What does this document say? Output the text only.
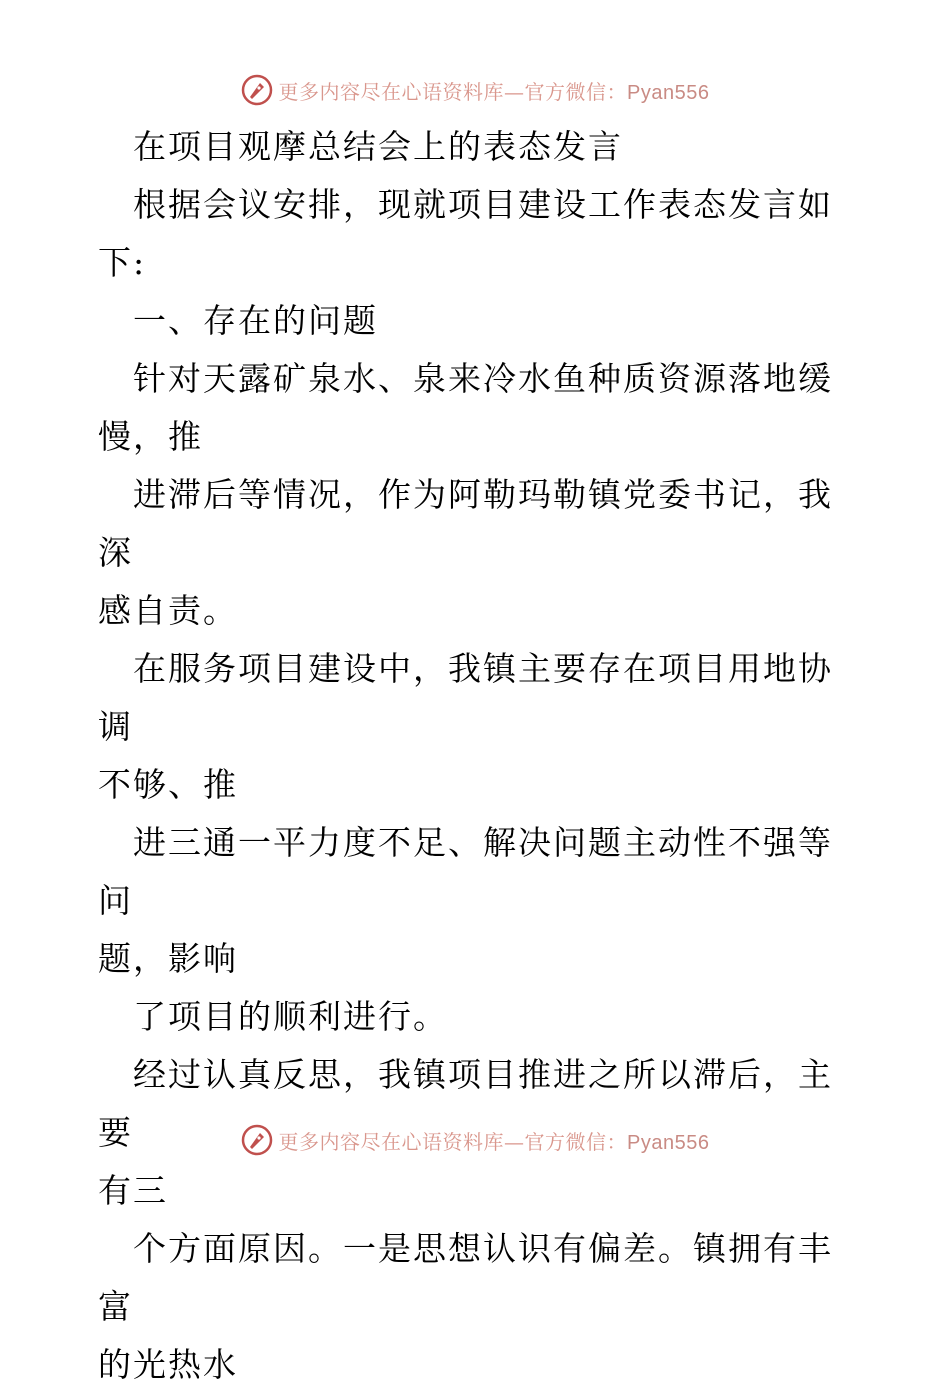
更多内容尽在心语资料库—官方微信：Pyan556

　在项目观摩总结会上的表态发言

　根据会议安排，现就项目建设工作表态发言如

下:

　一、存在的问题

　针对天露矿泉水、泉来冷水鱼种质资源落地缓

慢，推

　进滞后等情况，作为阿勒玛勒镇党委书记，我深

感自责。

　在服务项目建设中，我镇主要存在项目用地协调

不够、推

　进三通一平力度不足、解决问题主动性不强等问

题，影响

　了项目的顺利进行。

　经过认真反思，我镇项目推进之所以滞后，主要

有三

　个方面原因。一是思想认识有偏差。镇拥有丰富

的光热水

更多内容尽在心语资料库—官方微信：Pyan556
